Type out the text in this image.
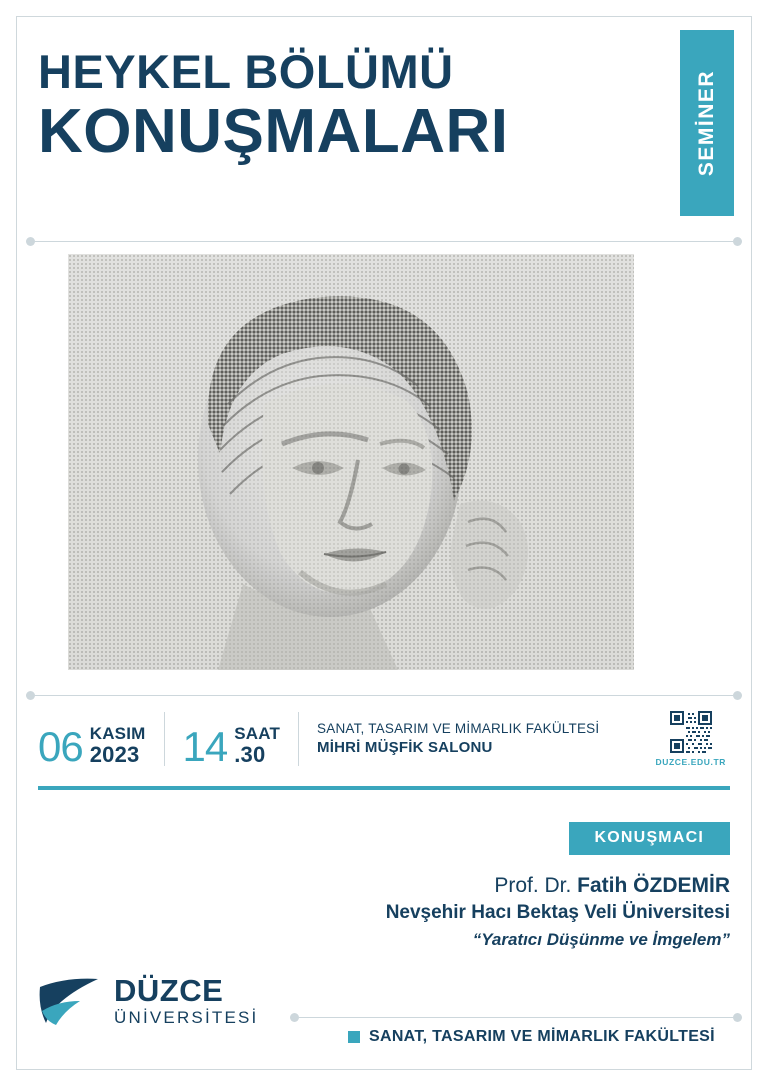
HEYKEL BÖLÜMÜ
KONUŞMALARI	SEMİNER
06 KASIM
2023 14 SAAT
.30
SANAT, TASARIM VE MİMARLIK FAKÜLTESİ
MİHRİ MÜŞFİK SALONU
DUZCE.EDU.TR
KONUŞMACI
Prof. Dr. Fatih ÖZDEMİR
Nevşehir Hacı Bektaş Veli Üniversitesi
“Yaratıcı Düşünme ve İmgelem”
DÜZCE
ÜNİVERSİTESİ
SANAT, TASARIM VE MİMARLIK FAKÜLTESİ
